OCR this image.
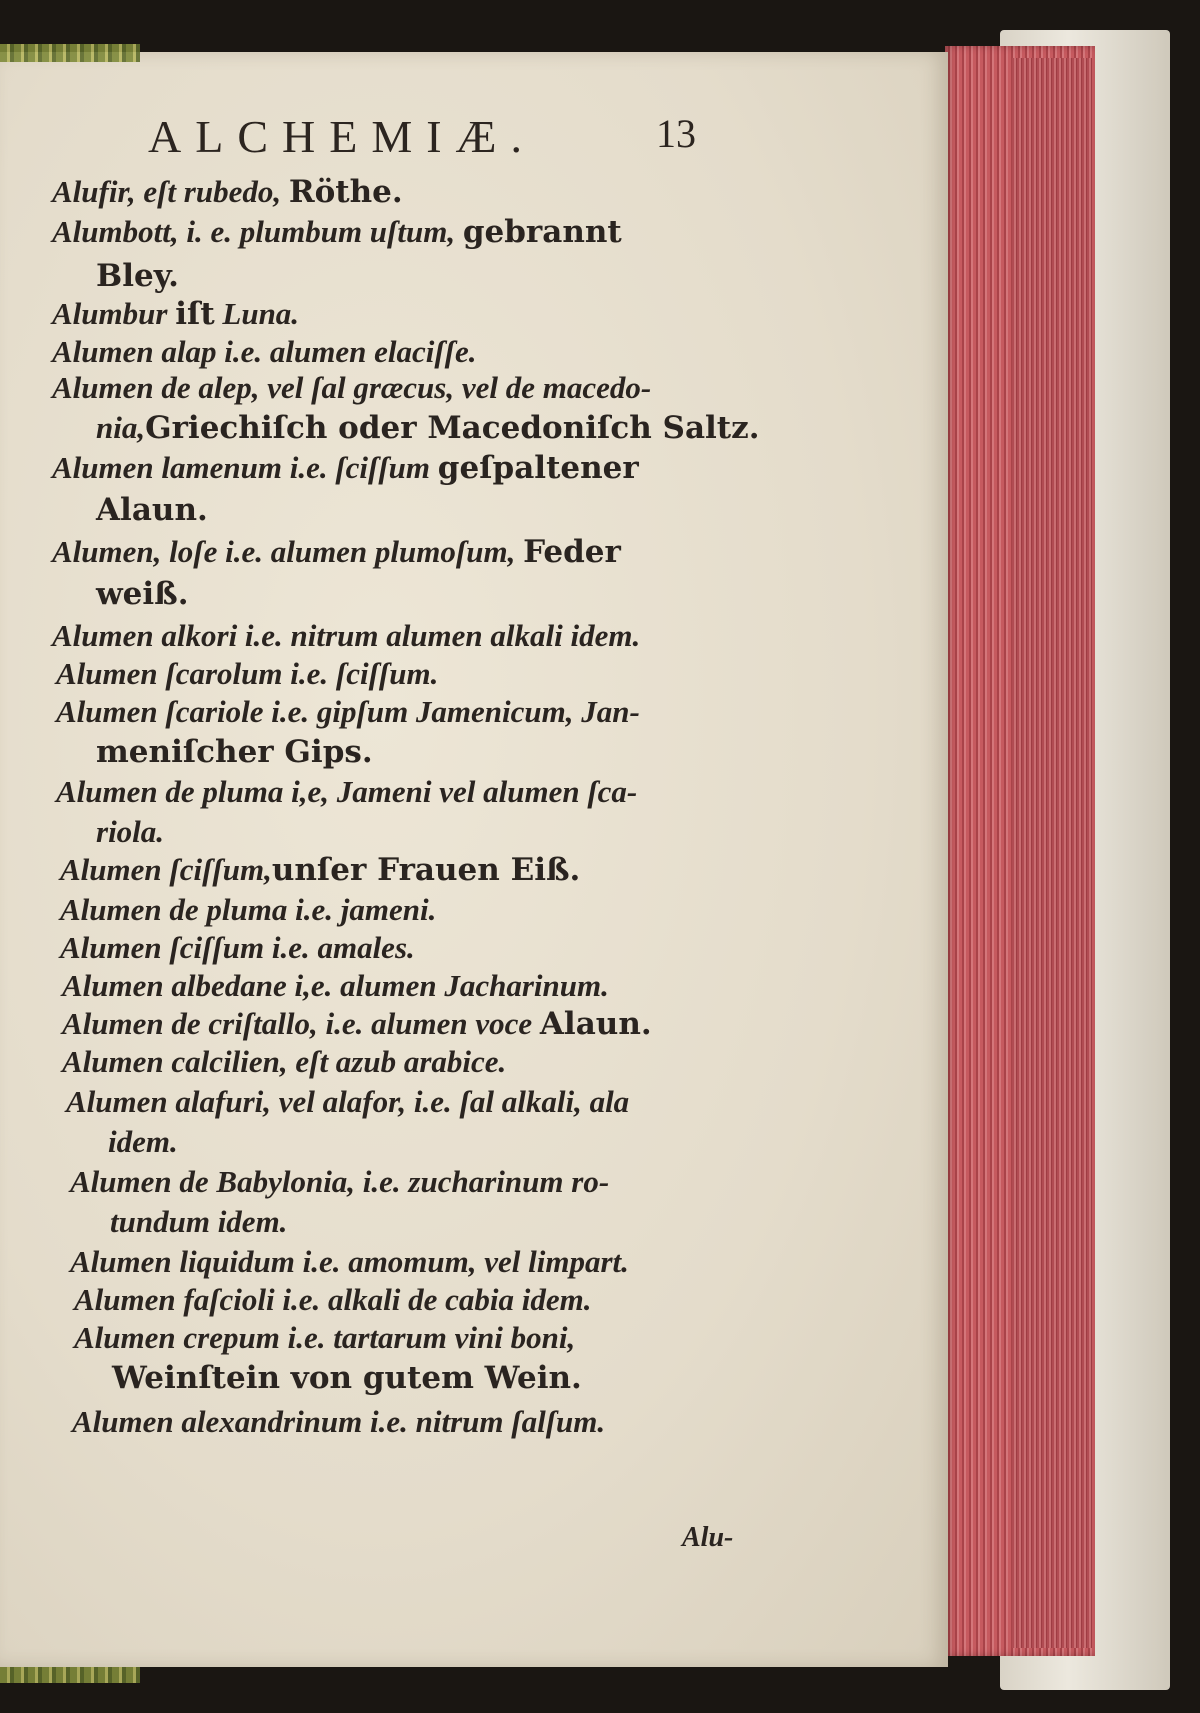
ALCHEMIÆ.	13
Alufir, eſt rubedo, Röthe.
Alumbott, i. e. plumbum uſtum, gebrannt
Bley.
Alumbur iſt Luna.
Alumen alap i.e. alumen elaciſſe.
Alumen de alep, vel ſal græcus, vel de macedo-
nia,Griechiſch oder Macedoniſch Saltz.
Alumen lamenum i.e. ſciſſum geſpaltener
Alaun.
Alumen, loſe i.e. alumen plumoſum, Feder
weiß.
Alumen alkori i.e. nitrum alumen alkali idem.
Alumen ſcarolum i.e. ſciſſum.
Alumen ſcariole i.e. gipſum Jamenicum, Jan-
meniſcher Gips.
Alumen de pluma i,e, Jameni vel alumen ſca-
riola.
Alumen ſciſſum,unſer Frauen Eiß.
Alumen de pluma i.e. jameni.
Alumen ſciſſum i.e. amales.
Alumen albedane i,e. alumen Jacharinum.
Alumen de criſtallo, i.e. alumen voce Alaun.
Alumen calcilien, eſt azub arabice.
Alumen alafuri, vel alafor, i.e. ſal alkali, ala
idem.
Alumen de Babylonia, i.e. zucharinum ro-
tundum idem.
Alumen liquidum i.e. amomum, vel limpart.
Alumen faſcioli i.e. alkali de cabia idem.
Alumen crepum i.e. tartarum vini boni,
Weinſtein von gutem Wein.
Alumen alexandrinum i.e. nitrum ſalſum.
Alu-
